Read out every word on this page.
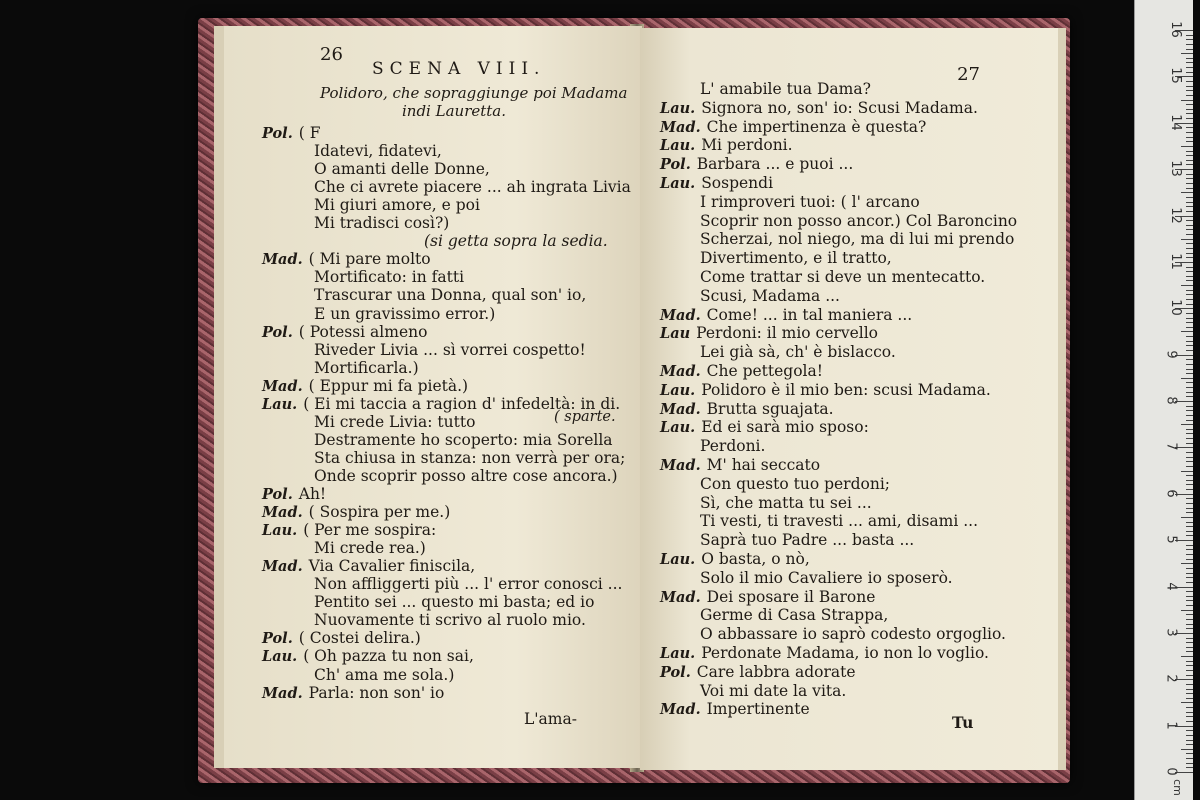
26
SCENA VIII.
Polidoro, che sopraggiunge poi Madama
indi Lauretta.
( sparte.
L'ama-
Pol. ( F
Idatevi, fidatevi,
O amanti delle Donne,
Che ci avrete piacere ... ah ingrata Livia
Mi giuri amore, e poi
Mi tradisci così?)
(si getta sopra la sedia.
Mad. ( Mi pare molto
Mortificato: in fatti
Trascurar una Donna, qual son' io,
E un gravissimo error.)
Pol. ( Potessi almeno
Riveder Livia ... sì vorrei cospetto!
Mortificarla.)
Mad. ( Eppur mi fa pietà.)
Lau. ( Ei mi taccia a ragion d' infedeltà: in di.
Mi crede Livia: tutto
Destramente ho scoperto: mia Sorella
Sta chiusa in stanza: non verrà per ora;
Onde scoprir posso altre cose ancora.)
Pol. Ah!
Mad. ( Sospira per me.)
Lau. ( Per me sospira:
Mi crede rea.)
Mad. Via Cavalier finiscila,
Non affliggerti più ... l' error conosci ...
Pentito sei ... questo mi basta; ed io
Nuovamente ti scrivo al ruolo mio.
Pol. ( Costei delira.)
Lau. ( Oh pazza tu non sai,
Ch' ama me sola.)
Mad. Parla: non son' io
27
Tu
L' amabile tua Dama?
Lau. Signora no, son' io: Scusi Madama.
Mad. Che impertinenza è questa?
Lau. Mi perdoni.
Pol. Barbara ... e puoi ...
Lau. Sospendi
I rimproveri tuoi: ( l' arcano
Scoprir non posso ancor.) Col Baroncino
Scherzai, nol niego, ma di lui mi prendo
Divertimento, e il tratto,
Come trattar si deve un mentecatto.
Scusi, Madama ...
Mad. Come! ... in tal maniera ...
Lau Perdoni: il mio cervello
Lei già sà, ch' è bislacco.
Mad. Che pettegola!
Lau. Polidoro è il mio ben: scusi Madama.
Mad. Brutta sguajata.
Lau. Ed ei sarà mio sposo:
Perdoni.
Mad. M' hai seccato
Con questo tuo perdoni;
Sì, che matta tu sei ...
Ti vesti, ti travesti ... ami, disami ...
Saprà tuo Padre ... basta ...
Lau. O basta, o nò,
Solo il mio Cavaliere io sposerò.
Mad. Dei sposare il Barone
Germe di Casa Strappa,
O abbassare io saprò codesto orgoglio.
Lau. Perdonate Madama, io non lo voglio.
Pol. Care labbra adorate
Voi mi date la vita.
Mad. Impertinente
16
15
14
13
12
11
10
9
8
7
6
5
4
3
2
1
0
cm
